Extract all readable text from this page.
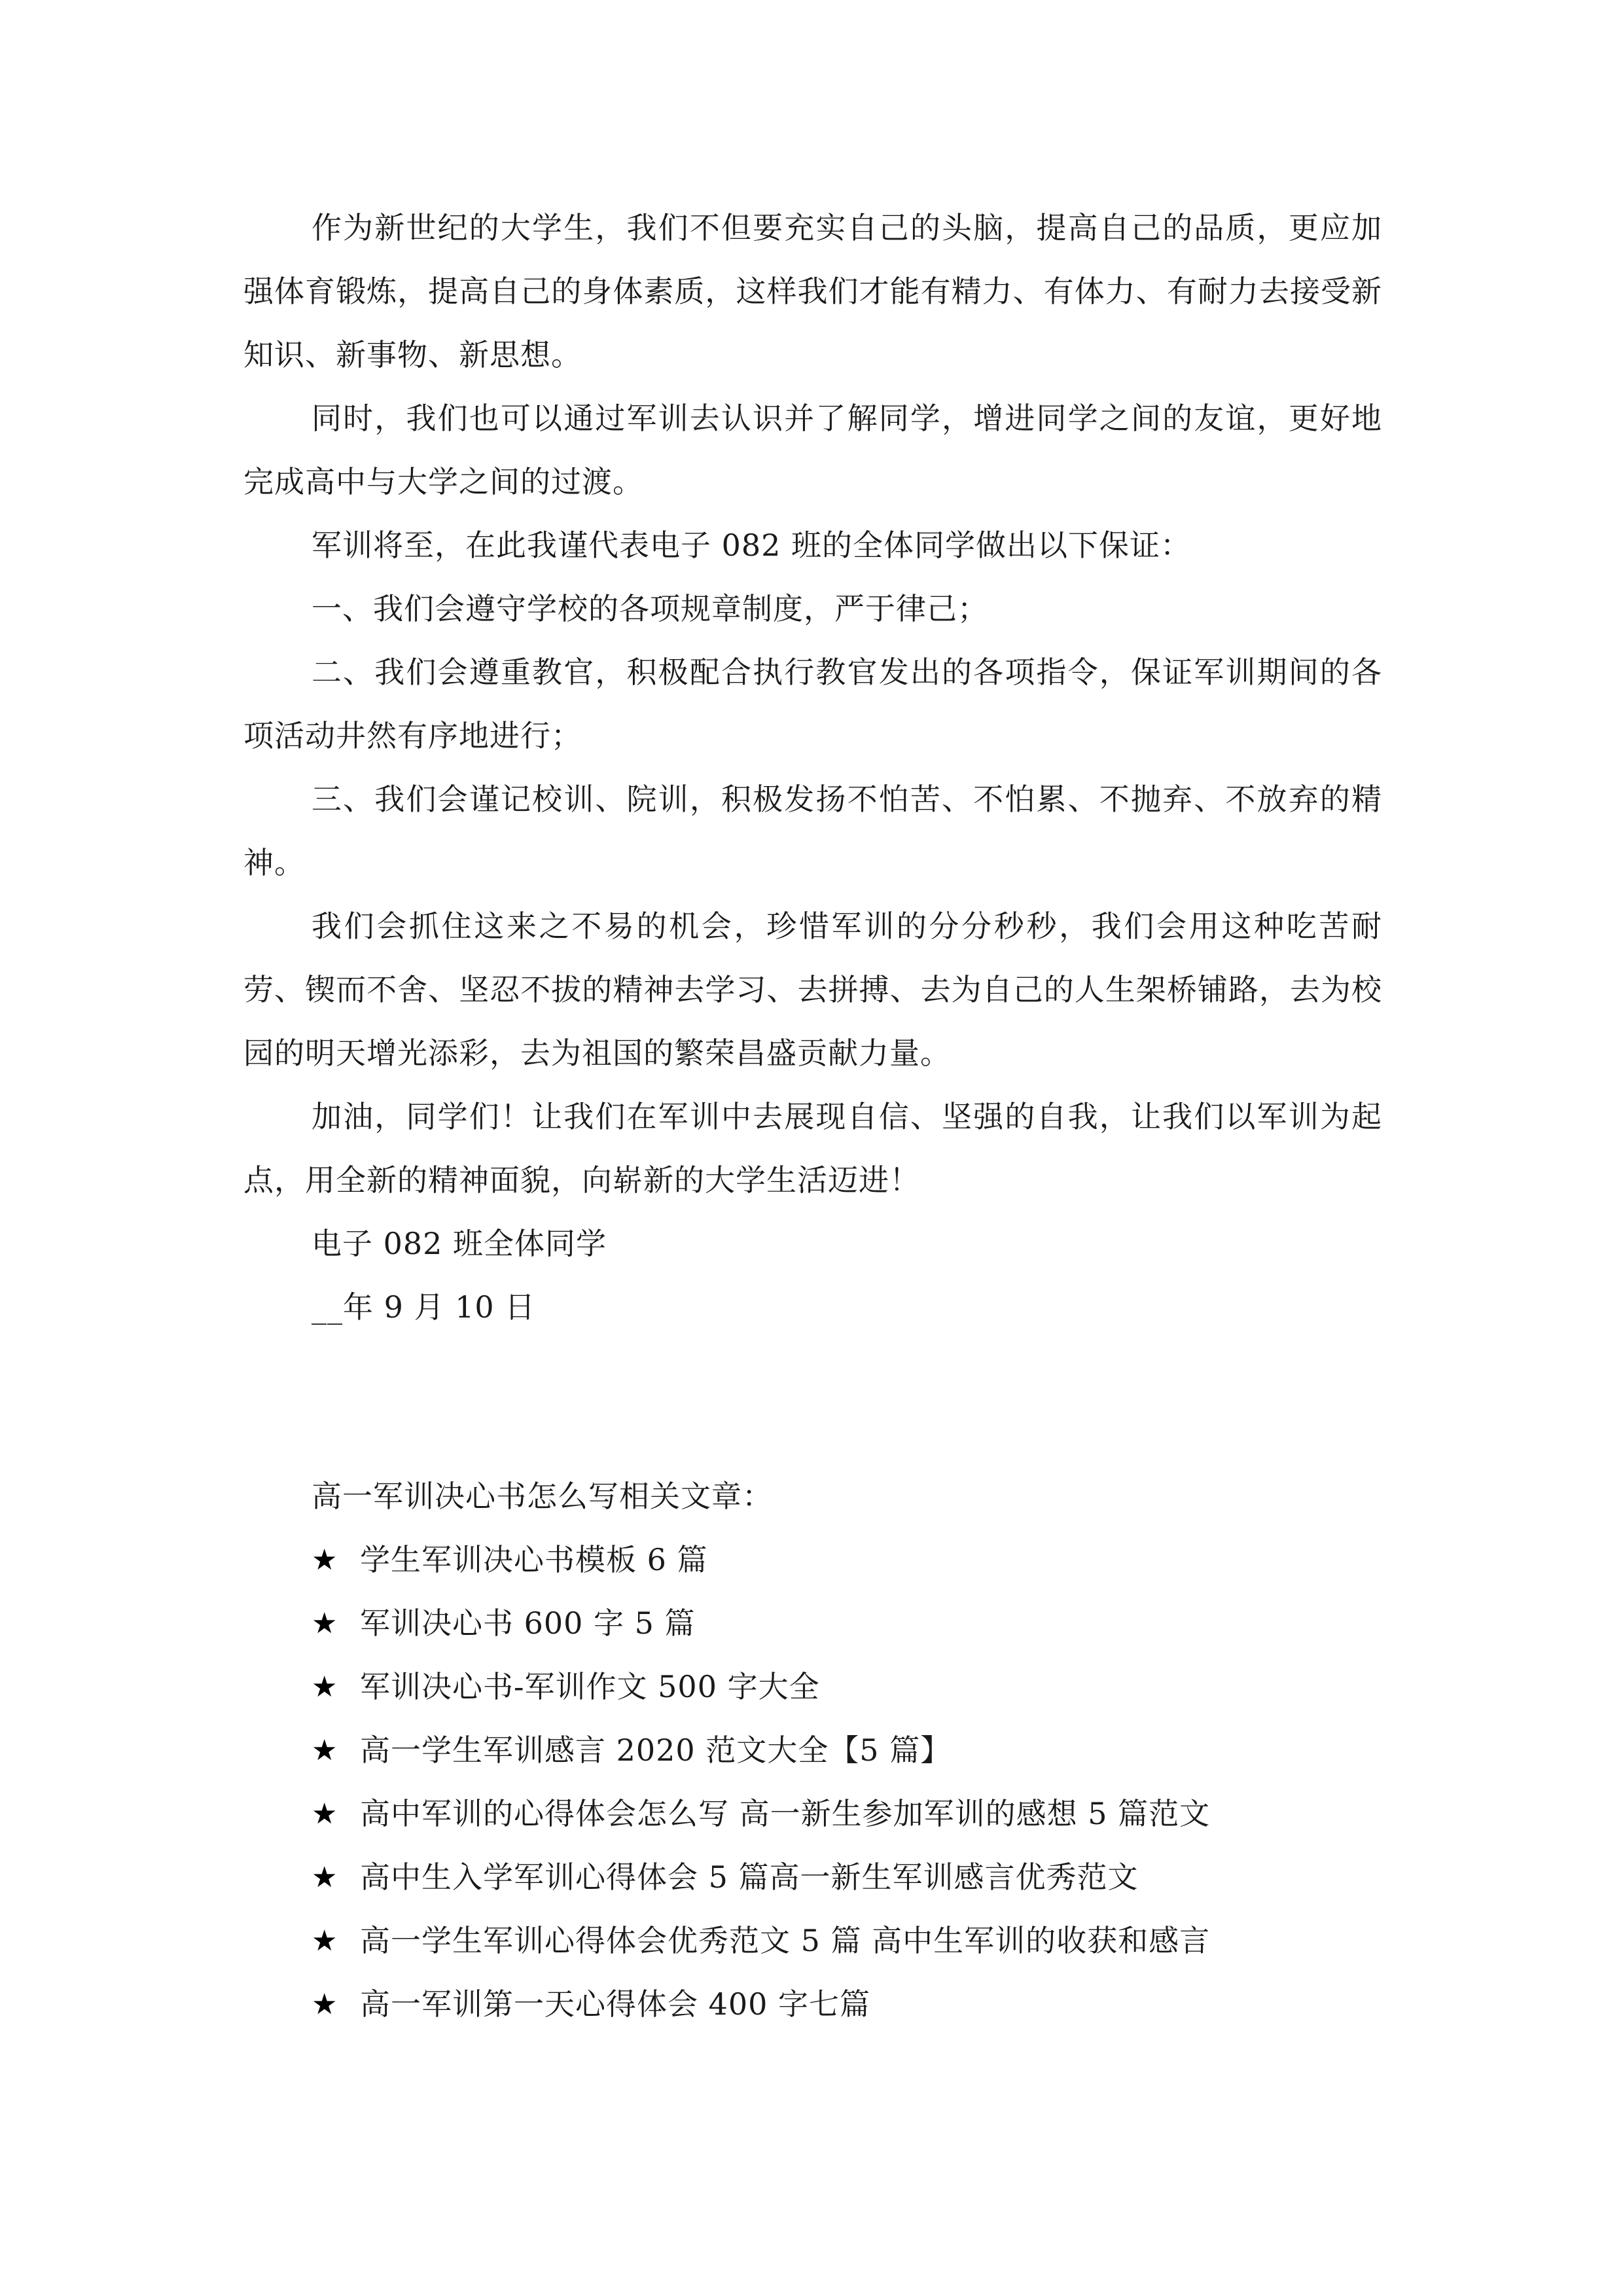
作为新世纪的大学生，我们不但要充实自己的头脑，提高自己的品质，更应加强体育锻炼，提高自己的身体素质，这样我们才能有精力、有体力、有耐力去接受新知识、新事物、新思想。

同时，我们也可以通过军训去认识并了解同学，增进同学之间的友谊，更好地完成高中与大学之间的过渡。

军训将至，在此我谨代表电子 082 班的全体同学做出以下保证：

一、我们会遵守学校的各项规章制度，严于律己；

二、我们会遵重教官，积极配合执行教官发出的各项指令，保证军训期间的各项活动井然有序地进行；

三、我们会谨记校训、院训，积极发扬不怕苦、不怕累、不抛弃、不放弃的精神。

我们会抓住这来之不易的机会，珍惜军训的分分秒秒，我们会用这种吃苦耐劳、锲而不舍、坚忍不拔的精神去学习、去拼搏、去为自己的人生架桥铺路，去为校园的明天增光添彩，去为祖国的繁荣昌盛贡献力量。

加油，同学们！让我们在军训中去展现自信、坚强的自我，让我们以军训为起点，用全新的精神面貌，向崭新的大学生活迈进！

电子 082 班全体同学

__年 9 月 10 日

高一军训决心书怎么写相关文章：

★ 学生军训决心书模板 6 篇
★ 军训决心书 600 字 5 篇
★ 军训决心书-军训作文 500 字大全
★ 高一学生军训感言 2020 范文大全【5 篇】
★ 高中军训的心得体会怎么写 高一新生参加军训的感想 5 篇范文
★ 高中生入学军训心得体会 5 篇高一新生军训感言优秀范文
★ 高一学生军训心得体会优秀范文 5 篇 高中生军训的收获和感言
★ 高一军训第一天心得体会 400 字七篇
